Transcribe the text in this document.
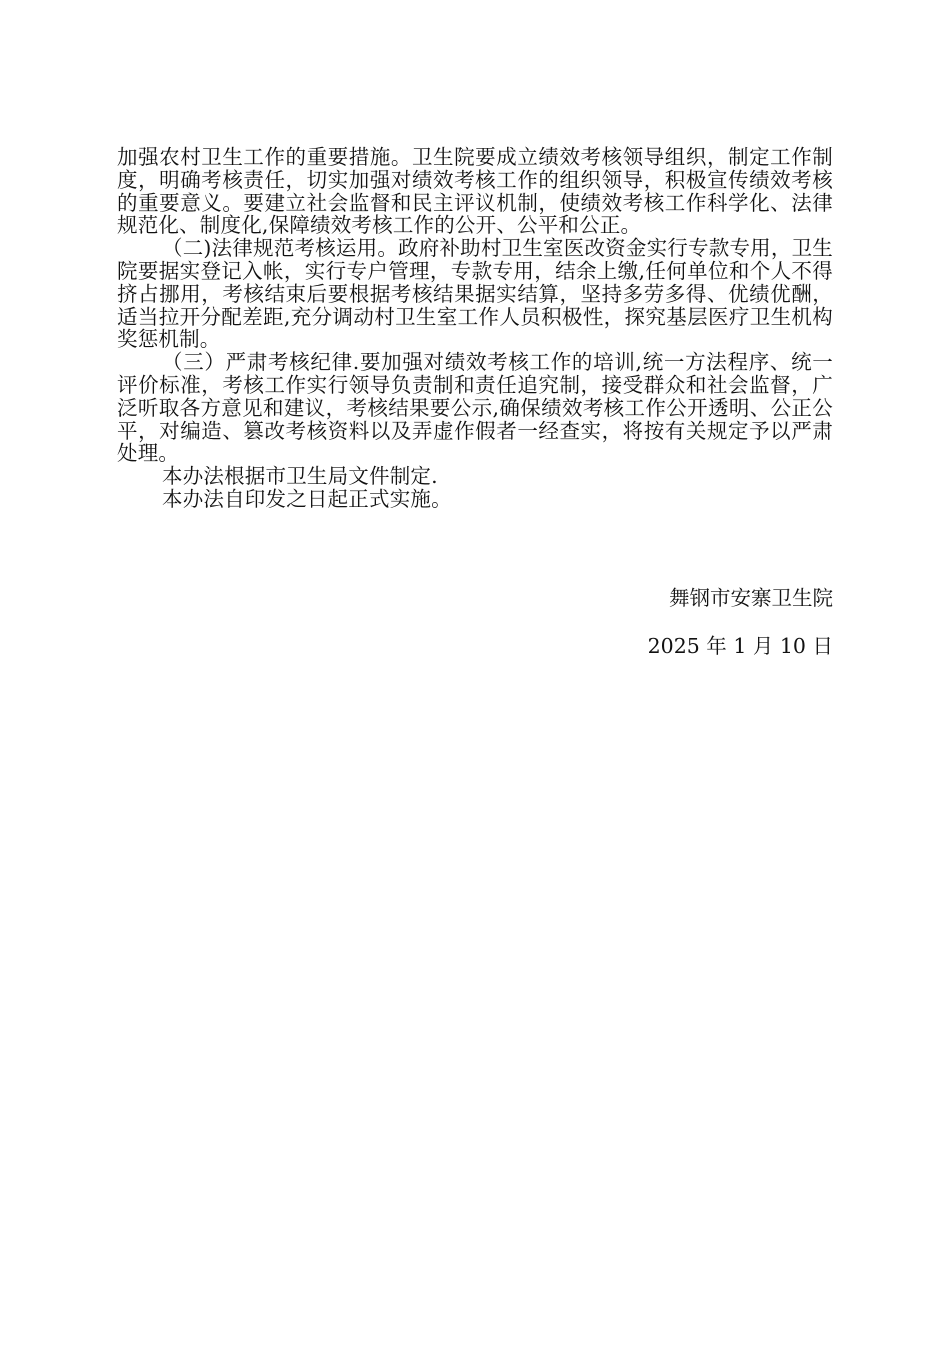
加强农村卫生工作的重要措施。卫生院要成立绩效考核领导组织，制定工作制度，明确考核责任，切实加强对绩效考核工作的组织领导，积极宣传绩效考核的重要意义。要建立社会监督和民主评议机制，使绩效考核工作科学化、法律规范化、制度化,保障绩效考核工作的公开、公平和公正。

（二)法律规范考核运用。政府补助村卫生室医改资金实行专款专用，卫生院要据实登记入帐，实行专户管理，专款专用，结余上缴,任何单位和个人不得挤占挪用，考核结束后要根据考核结果据实结算，坚持多劳多得、优绩优酬，适当拉开分配差距,充分调动村卫生室工作人员积极性，探究基层医疗卫生机构奖惩机制。

（三）严肃考核纪律.要加强对绩效考核工作的培训,统一方法程序、统一评价标准，考核工作实行领导负责制和责任追究制，接受群众和社会监督，广泛听取各方意见和建议，考核结果要公示,确保绩效考核工作公开透明、公正公平，对编造、篡改考核资料以及弄虚作假者一经查实，将按有关规定予以严肃处理。

本办法根据市卫生局文件制定.

本办法自印发之日起正式实施。

舞钢市安寨卫生院
2025 年 1 月 10 日
